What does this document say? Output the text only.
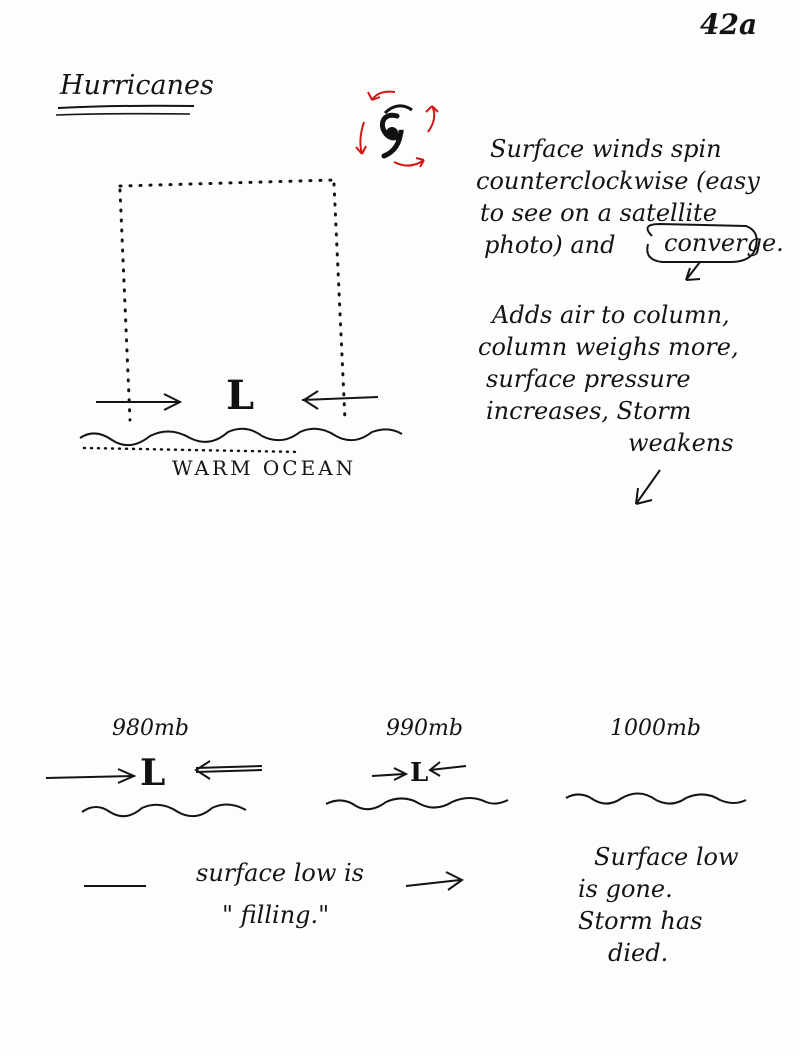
42a
Hurricanes
L
WARM OCEAN
Surface winds spin
counterclockwise (easy
to see on a satellite
photo) and converge.
Adds air to column,
column weighs more,
surface pressure
increases, Storm
weakens
980mb
L
990mb
L
1000mb
surface low is
" filling."
Surface low
is gone.
Storm has
died.
